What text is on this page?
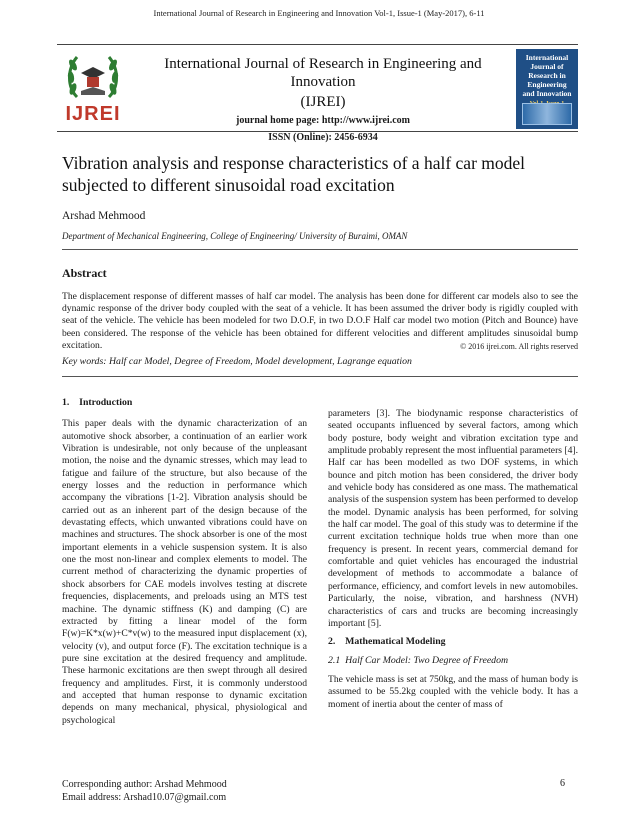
International Journal of Research in Engineering and Innovation Vol-1, Issue-1 (May-2017), 6-11
IJREI
International Journal of Research in Engineering and Innovation
(IJREI)
journal home page: http://www.ijrei.com
ISSN (Online): 2456-6934
International
Journal of
Research in
Engineering
and Innovation
Vibration analysis and response characteristics of a half car model subjected to different sinusoidal road excitation
Arshad Mehmood
Department of Mechanical Engineering, College of Engineering/ University of Buraimi, OMAN
Abstract
The displacement response of different masses of half car model. The analysis has been done for different car models also to see the dynamic response of the driver body coupled with the seat of a vehicle. It has been assumed the driver body is rigidly coupled with seat of the vehicle. The vehicle has been modeled for two D.O.F, in two D.O.F Half car model two motion (Pitch and Bounce) have been considered. The response of the vehicle has been obtained for different velocities and different amplitudes sinusoidal bump excitation.	© 2016 ijrei.com. All rights reserved
Key words: Half car Model, Degree of Freedom, Model development, Lagrange equation
1.    Introduction
This paper deals with the dynamic characterization of an automotive shock absorber, a continuation of an earlier work Vibration is undesirable, not only because of the unpleasant motion, the noise and the dynamic stresses, which may lead to fatigue and failure of the structure, but also because of the energy losses and the reduction in performance which accompany the vibrations [1-2]. Vibration analysis should be carried out as an inherent part of the design because of the devastating effects, which unwanted vibrations could have on machines and structures. The shock absorber is one of the most important elements in a vehicle suspension system. It is also one the most non-linear and complex elements to model. The current method of characterizing the dynamic properties of shock absorbers for CAE models involves testing at discrete frequencies, displacements, and preloads using an MTS test machine. The dynamic stiffness (K) and damping (C) are extracted by fitting a linear model of the form F(w)=K*x(w)+C*v(w) to the measured input displacement (x), velocity (v), and output force (F). The excitation technique is a pure sine excitation at the desired frequency and amplitude. These harmonic excitations are then swept through all desired frequency and amplitudes. First, it is commonly understood and accepted that human response to dynamic excitation depends on many mechanical, physical, physiological and psychological
parameters [3]. The biodynamic response characteristics of seated occupants influenced by several factors, among which body posture, body weight and vibration excitation type and amplitude probably represent the most influential parameters [4]. Half car has been modelled as two DOF systems, in which bounce and pitch motion has been considered, the driver body and vehicle body has considered as one mass. The mathematical analysis of the suspension system has been performed to develop the model. Dynamic analysis has been performed, for solving the half car model. The goal of this study was to determine if the current excitation technique holds true when more than one frequency is present. In recent years, commercial demand for comfortable and quiet vehicles has encouraged the industrial development of methods to accommodate a balance of performance, efficiency, and comfort levels in new automobiles. Particularly, the noise, vibration, and harshness (NVH) characteristics of cars and trucks are becoming increasingly important [5].
2.    Mathematical Modeling
2.1  Half Car Model: Two Degree of Freedom
The vehicle mass is set at 750kg, and the mass of human body is assumed to be 55.2kg coupled with the vehicle body. It has a moment of inertia about the center of mass of
Corresponding author: Arshad Mehmood
Email address: Arshad10.07@gmail.com
6
